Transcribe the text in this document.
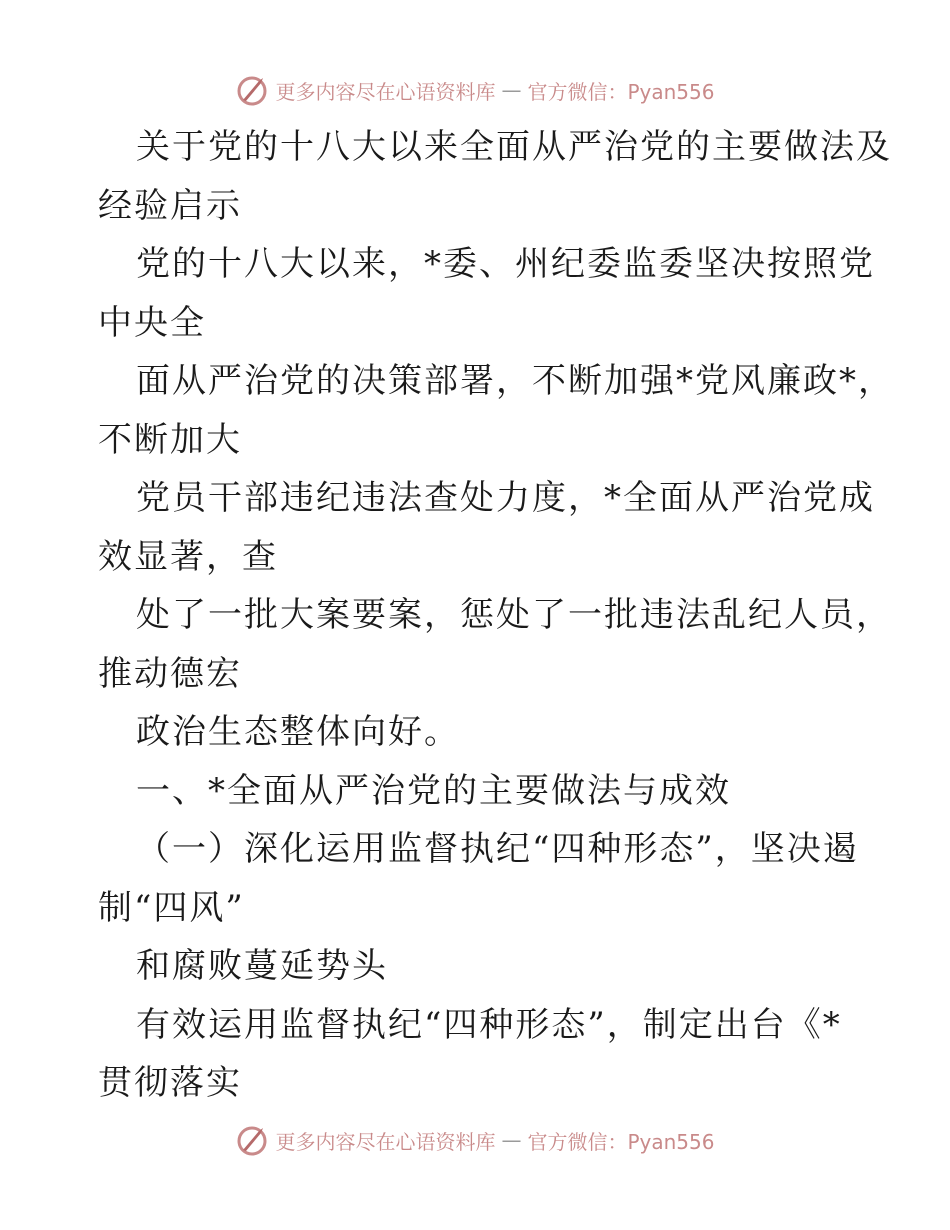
更多内容尽在心语资料库 — 官方微信：Pyan556
关于党的十八大以来全面从严治党的主要做法及
经验启示
党的十八大以来，*委、州纪委监委坚决按照党
中央全
面从严治党的决策部署，不断加强*党风廉政*，
不断加大
党员干部违纪违法查处力度，*全面从严治党成
效显著，查
处了一批大案要案，惩处了一批违法乱纪人员，
推动德宏
政治生态整体向好。
一、*全面从严治党的主要做法与成效
（一）深化运用监督执纪“四种形态”，坚决遏
制“四风”
和腐败蔓延势头
有效运用监督执纪“四种形态”，制定出台《*
贯彻落实
更多内容尽在心语资料库 — 官方微信：Pyan556
